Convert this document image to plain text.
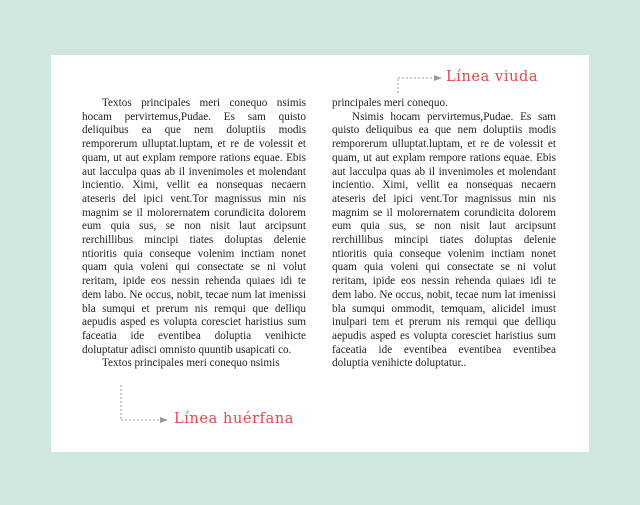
Textos principales meri conequo nsimis hocam pervirtemus,Pudae. Es sam quisto deliquibus ea que nem doluptiis modis remporerum ulluptat.luptam, et re de volessit et quam, ut aut explam rempore rations equae. Ebis aut lacculpa quas ab il invenimoles et molendant incientio. Ximi, vellit ea nonsequas necaern ateseris del ipici vent.Tor magnissus min nis magnim se il molorernatem corundicita dolorem eum quia sus, se non nisit laut arcipsunt rerchillibus mincipi tiates doluptas delenie ntioritis quia conseque volenim inctiam nonet quam quia voleni qui consectate se ni volut reritam, ipide eos nessin rehenda quiaes idi te dem labo. Ne occus, nobit, tecae num lat imenissi bla sumqui et prerum nis remqui que delliqu aepudis asped es volupta coresciet haristius sum faceatia ide eventibea doluptia venihicte doluptatur adisci omnisto quuntib usapicati co.

Textos principales meri conequo nsimis

principales meri conequo.

Nsimis hocam pervirtemus,Pudae. Es sam quisto deliquibus ea que nem doluptiis modis remporerum ulluptat.luptam, et re de volessit et quam, ut aut explam rempore rations equae. Ebis aut lacculpa quas ab il invenimoles et molendant incientio. Ximi, vellit ea nonsequas necaern ateseris del ipici vent.Tor magnissus min nis magnim se il molorernatem corundicita dolorem eum quia sus, se non nisit laut arcipsunt rerchillibus mincipi tiates doluptas delenie ntioritis quia conseque volenim inctiam nonet quam quia voleni qui consectate se ni volut reritam, ipide eos nessin rehenda quiaes idi te dem labo. Ne occus, nobit, tecae num lat imenissi bla sumqui ommodit, temquam, alicidel imust inulpari tem et prerum nis remqui que delliqu aepudis asped es volupta coresciet haristius sum faceatia ide eventibea eventibea eventibea doluptia venihicte doluptatur..

Línea viuda
Línea huérfana
